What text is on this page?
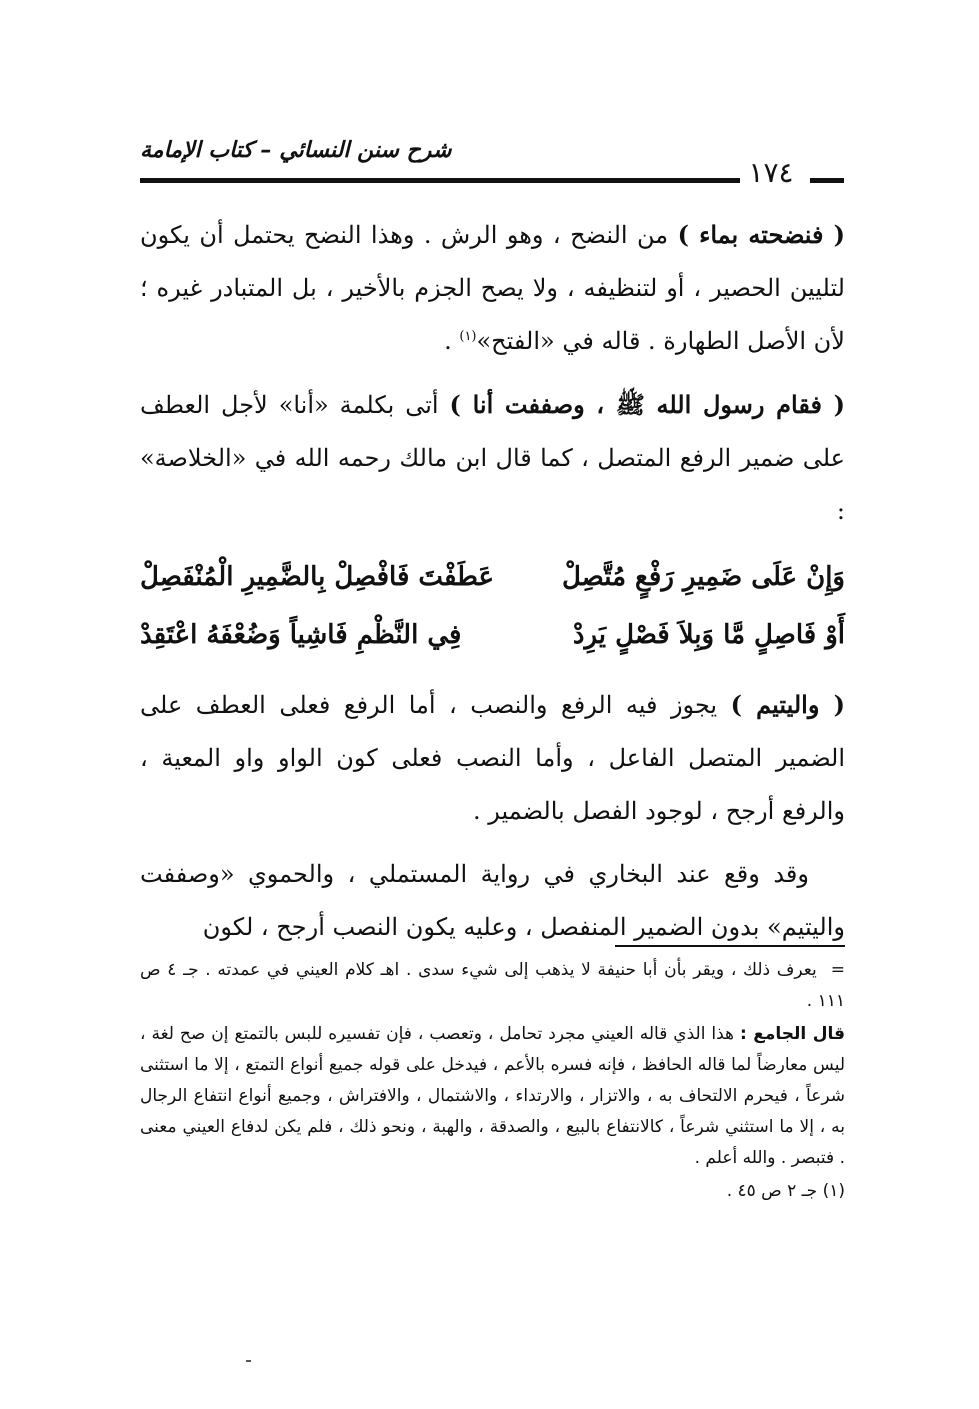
شرح سنن النسائي – كتاب الإمامة
١٧٤

( فنضحته بماء ) من النضح ، وهو الرش . وهذا النضح يحتمل أن يكون لتليين الحصير ، أو لتنظيفه ، ولا يصح الجزم بالأخير ، بل المتبادر غيره ؛ لأن الأصل الطهارة . قاله في «الفتح»$^{(١)}$ .

( فقام رسول الله ﷺ ، وصففت أنا ) أتى بكلمة «أنا» لأجل العطف على ضمير الرفع المتصل ، كما قال ابن مالك رحمه الله في «الخلاصة» :

وَإِنْ عَلَى ضَمِيرِ رَفْعٍ مُتَّصِلْ
عَطَفْتَ فَافْصِلْ بِالضَّمِيرِ الْمُنْفَصِلْ
أَوْ فَاصِلٍ مَّا وَبِلاَ فَصْلٍ يَرِدْ
فِي النَّظْمِ فَاشِياً وَضُعْفَهُ اعْتَقِدْ

( واليتيم ) يجوز فيه الرفع والنصب ، أما الرفع فعلى العطف على الضمير المتصل الفاعل ، وأما النصب فعلى كون الواو واو المعية ، والرفع أرجح ، لوجود الفصل بالضمير .

وقد وقع عند البخاري في رواية المستملي ، والحموي «وصففت واليتيم» بدون الضمير المنفصل ، وعليه يكون النصب أرجح ، لكون

=يعرف ذلك ، ويقر بأن أبا حنيفة لا يذهب إلى شيء سدى . اهـ كلام العيني في عمدته . جـ ٤ ص ١١١ .

قال الجامع : هذا الذي قاله العيني مجرد تحامل ، وتعصب ، فإن تفسيره للبس بالتمتع إن صح لغة ، ليس معارضاً لما قاله الحافظ ، فإنه فسره بالأعم ، فيدخل على قوله جميع أنواع التمتع ، إلا ما استثنى شرعاً ، فيحرم الالتحاف به ، والاتزار ، والارتداء ، والاشتمال ، والافتراش ، وجميع أنواع انتفاع الرجال به ، إلا ما استثني شرعاً ، كالانتفاع بالبيع ، والصدقة ، والهبة ، ونحو ذلك ، فلم يكن لدفاع العيني معنى . فتبصر . والله أعلم .

(١) جـ ٢ ص ٤٥ .
